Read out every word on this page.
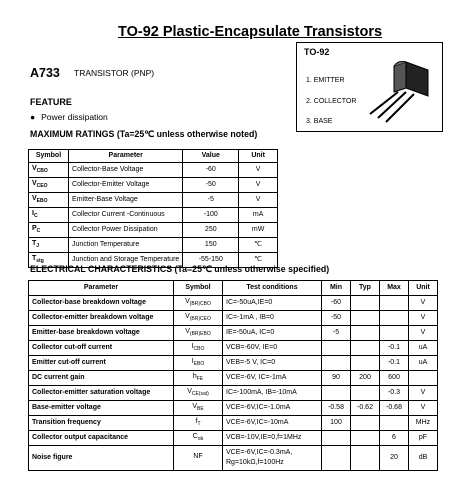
TO-92 Plastic-Encapsulate Transistors
TO-92
1. EMITTER
2. COLLECTOR
3. BASE
A733 TRANSISTOR (PNP)
FEATURE
● Power dissipation
MAXIMUM RATINGS (Ta=25℃ unless otherwise noted)
Symbol	Parameter	Value	Unit
$V_{CBO}$	Collector-Base Voltage	-60	V
$V_{CEO}$	Collector-Emitter Voltage	-50	V
$V_{EBO}$	Emitter-Base Voltage	-5	V
$I_C$	Collector Current -Continuous	-100	mA
$P_C$	Collector Power Dissipation	250	mW
$T_J$	Junction Temperature	150	℃
$T_{stg}$	Junction and Storage Temperature	-55-150	℃
ELECTRICAL CHARACTERISTICS (Ta=25℃ unless otherwise specified)
Parameter	Symbol	Test conditions	Min	Typ	Max	Unit
Collector-base breakdown voltage	$V_{(BR)CBO}$	IC=-50uA,IE=0	-60			V
Collector-emitter breakdown voltage	$V_{(BR)CEO}$	IC=-1mA , IB=0	-50			V
Emitter-base breakdown voltage	$V_{(BR)EBO}$	IE=-50uA, IC=0	-5			V
Collector cut-off current	$I_{CBO}$	VCB=-60V, IE=0			-0.1	uA
Emitter cut-off current	$I_{EBO}$	VEB=-5 V, IC=0			-0.1	uA
DC current gain	$h_{FE}$	VCE=-6V, IC=-1mA	90	200	600	
Collector-emitter saturation voltage	$V_{CE(sat)}$	IC=-100mA, IB=-10mA			-0.3	V
Base-emitter voltage	$V_{BE}$	VCE=-6V,IC=-1.0mA	-0.58	-0.62	-0.68	V
Transition frequency	$f_T$	VCE=-6V,IC=-10mA	100			MHz
Collector output capacitance	$C_{ob}$	VCB=-10V,IE=0,f=1MHz			6	pF
Noise figure	NF	VCE=-6V,IC=-0.3mA, Rg=10kΩ,f=100Hz			20	dB
